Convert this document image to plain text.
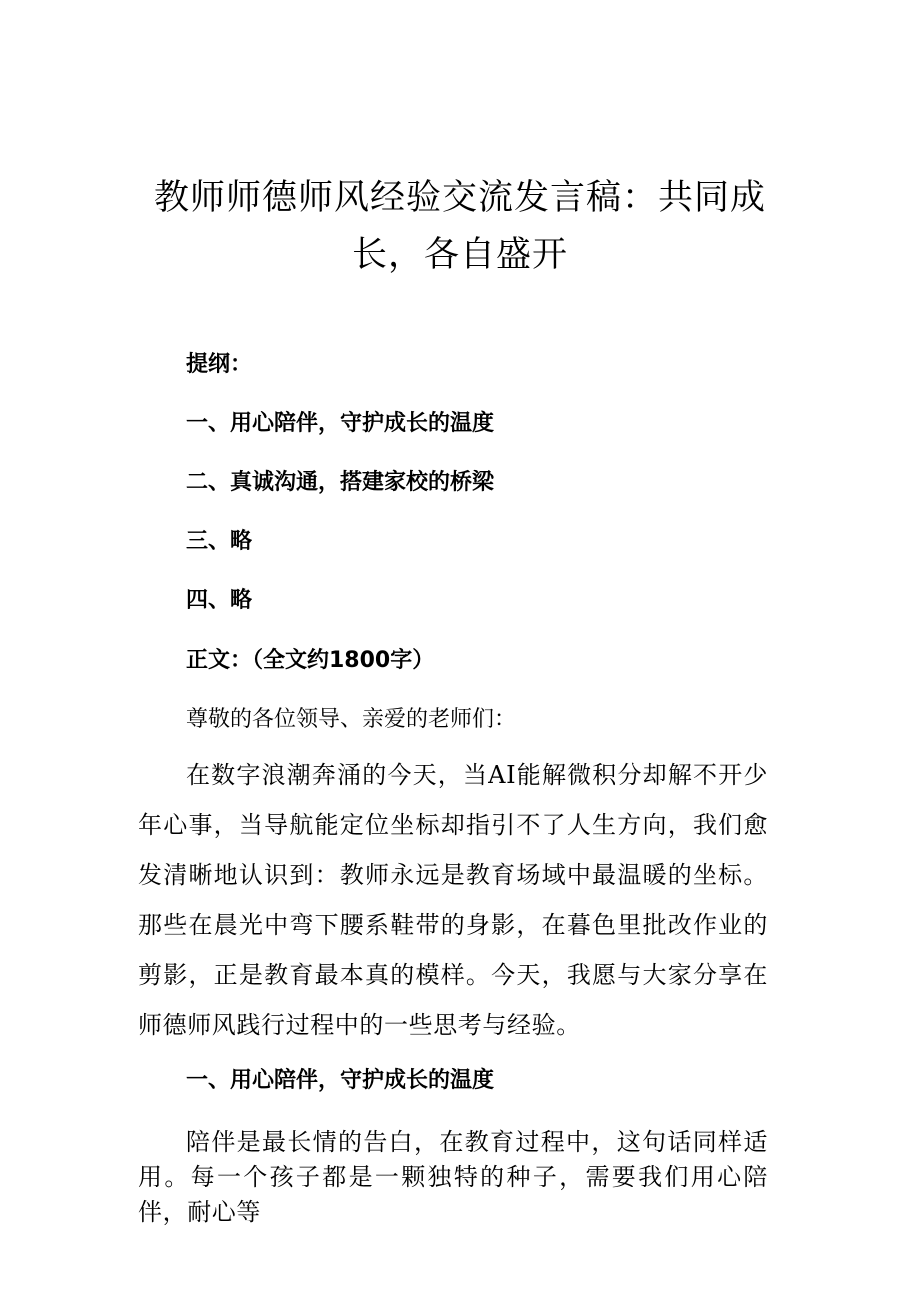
教师师德师风经验交流发言稿：共同成长，各自盛开

提纲：

一、用心陪伴，守护成长的温度

二、真诚沟通，搭建家校的桥梁

三、略

四、略

正文：（全文约1800字）

尊敬的各位领导、亲爱的老师们：

在数字浪潮奔涌的今天，当AI能解微积分却解不开少年心事，当导航能定位坐标却指引不了人生方向，我们愈发清晰地认识到：教师永远是教育场域中最温暖的坐标。那些在晨光中弯下腰系鞋带的身影，在暮色里批改作业的剪影，正是教育最本真的模样。今天，我愿与大家分享在师德师风践行过程中的一些思考与经验。

一、用心陪伴，守护成长的温度

陪伴是最长情的告白，在教育过程中，这句话同样适用。每一个孩子都是一颗独特的种子，需要我们用心陪伴，耐心等
